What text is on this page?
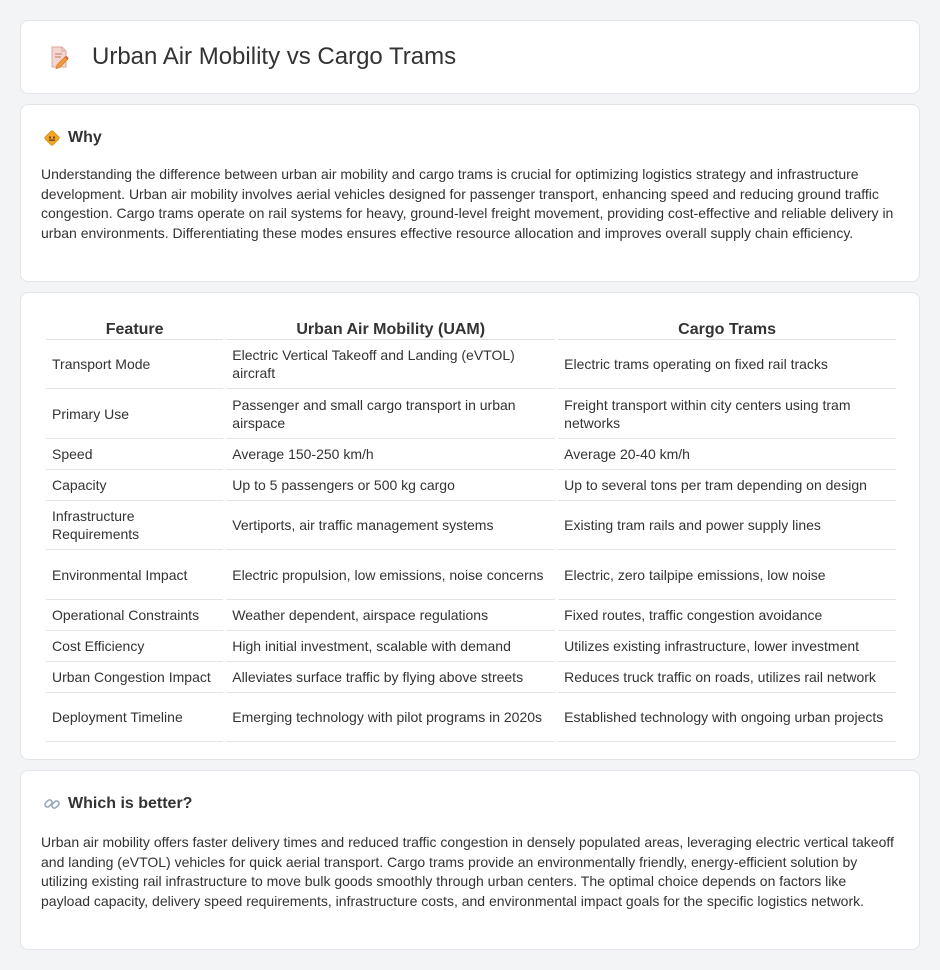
Urban Air Mobility vs Cargo Trams
Why

Understanding the difference between urban air mobility and cargo trams is crucial for optimizing logistics strategy and infrastructure development. Urban air mobility involves aerial vehicles designed for passenger transport, enhancing speed and reducing ground traffic congestion. Cargo trams operate on rail systems for heavy, ground-level freight movement, providing cost-effective and reliable delivery in urban environments. Differentiating these modes ensures effective resource allocation and improves overall supply chain efficiency.

Feature	Urban Air Mobility (UAM)	Cargo Trams
Transport Mode	Electric Vertical Takeoff and Landing (eVTOL) aircraft	Electric trams operating on fixed rail tracks
Primary Use	Passenger and small cargo transport in urban airspace	Freight transport within city centers using tram networks
Speed	Average 150-250 km/h	Average 20-40 km/h
Capacity	Up to 5 passengers or 500 kg cargo	Up to several tons per tram depending on design
Infrastructure Requirements	Vertiports, air traffic management systems	Existing tram rails and power supply lines
Environmental Impact	Electric propulsion, low emissions, noise concerns	Electric, zero tailpipe emissions, low noise
Operational Constraints	Weather dependent, airspace regulations	Fixed routes, traffic congestion avoidance
Cost Efficiency	High initial investment, scalable with demand	Utilizes existing infrastructure, lower investment
Urban Congestion Impact	Alleviates surface traffic by flying above streets	Reduces truck traffic on roads, utilizes rail network
Deployment Timeline	Emerging technology with pilot programs in 2020s	Established technology with ongoing urban projects
Which is better?

Urban air mobility offers faster delivery times and reduced traffic congestion in densely populated areas, leveraging electric vertical takeoff and landing (eVTOL) vehicles for quick aerial transport. Cargo trams provide an environmentally friendly, energy-efficient solution by utilizing existing rail infrastructure to move bulk goods smoothly through urban centers. The optimal choice depends on factors like payload capacity, delivery speed requirements, infrastructure costs, and environmental impact goals for the specific logistics network.
